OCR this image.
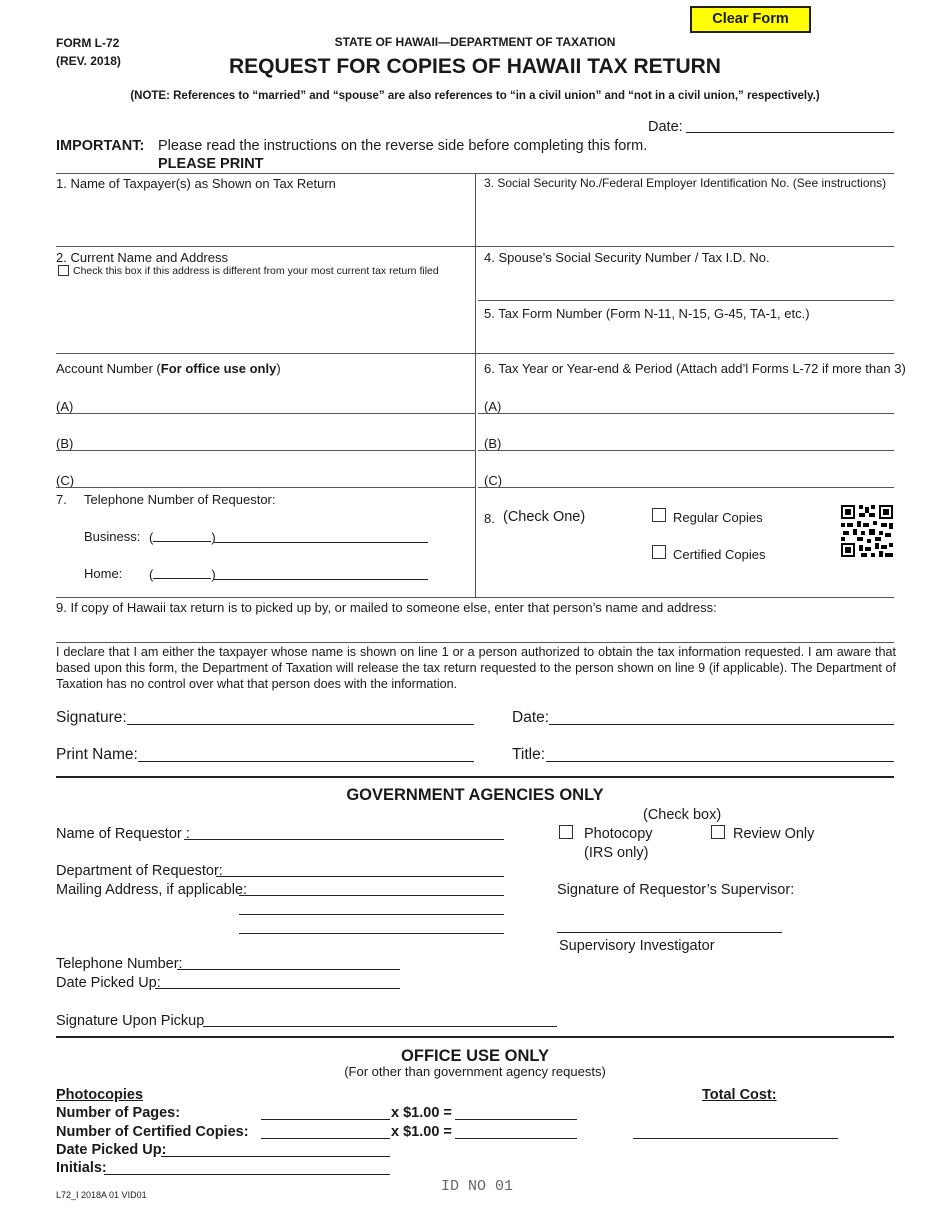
Clear Form
FORM L-72
(REV. 2018)
STATE OF HAWAII—DEPARTMENT OF TAXATION
REQUEST FOR COPIES OF HAWAII TAX RETURN
(NOTE: References to “married” and “spouse” are also references to “in a civil union” and “not in a civil union,” respectively.)
Date:
IMPORTANT: Please read the instructions on the reverse side before completing this form.
PLEASE PRINT
1. Name of Taxpayer(s) as Shown on Tax Return	3. Social Security No./Federal Employer Identification No. (See instructions)
2. Current Name and Address
Check this box if this address is different from your most current tax return filed
4. Spouse’s Social Security Number / Tax I.D. No.
5. Tax Form Number (Form N-11, N-15, G-45, TA-1, etc.)
Account Number (For office use only)	6. Tax Year or Year-end & Period (Attach add’l Forms L-72 if more than 3)
(A)	(A)
(B)	(B)
(C)	(C)
7. Telephone Number of Requestor:
Business: (	)
Home: (	)
8. (Check One)	Regular Copies
Certified Copies
9. If copy of Hawaii tax return is to picked up by, or mailed to someone else, enter that person’s name and address:
I declare that I am either the taxpayer whose name is shown on line 1 or a person authorized to obtain the tax information requested. I am aware that based upon this form, the Department of Taxation will release the tax return requested to the person shown on line 9 (if applicable). The Department of Taxation has no control over what that person does with the information.
Signature:	Date:
Print Name:	Title:
GOVERNMENT AGENCIES ONLY
(Check box)
Name of Requestor :	Photocopy
(IRS only)
Review Only
Department of Requestor:
Mailing Address, if applicable:	Signature of Requestor’s Supervisor:
Supervisory Investigator
Telephone Number:
Date Picked Up:
Signature Upon Pickup
OFFICE USE ONLY
(For other than government agency requests)
Photocopies	Total Cost:
Number of Pages:	x $1.00 =
Number of Certified Copies:	x $1.00 =
Date Picked Up:
Initials:
L72_I 2018A 01 VID01	ID NO 01
